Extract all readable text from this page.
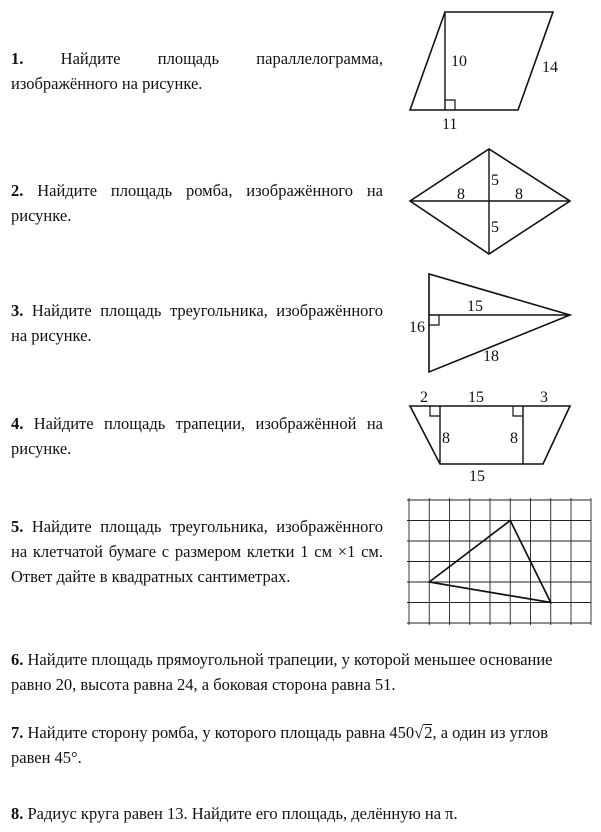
1. Найдите площадь параллелограмма, изображённого на рисунке.
2. Найдите площадь ромба, изображённого на рисунке.
3. Найдите площадь треугольника, изображённого на рисунке.
4. Найдите площадь трапеции, изображённой на рисунке.
5. Найдите площадь треугольника, изображённого на клетчатой бумаге с размером клетки 1 см ×1 см. Ответ дайте в квадратных сантиметрах.
6. Найдите площадь прямоугольной трапеции, у которой меньшее основание равно 20, высота равна 24, а боковая сторона равна 51.
7. Найдите сторону ромба, у которого площадь равна 450√2, а один из углов равен 45°.
8. Радиус круга равен 13. Найдите его площадь, делённую на π.
10	14
11
5
5
8	8
15
16
18
2	15	3
8	8
15
